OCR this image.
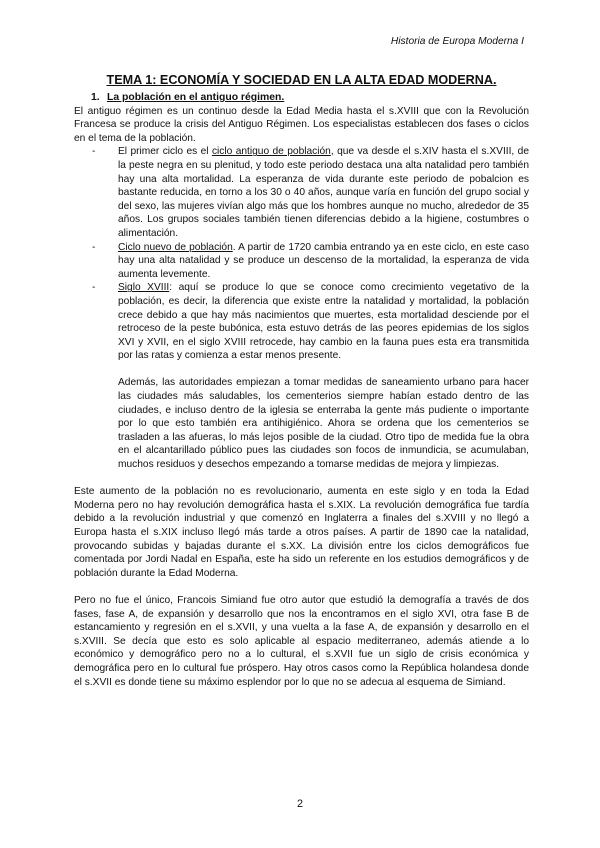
Historia de Europa Moderna I
TEMA 1: ECONOMÍA Y SOCIEDAD EN LA ALTA EDAD MODERNA.
1. La población en el antiguo régimen.

El antiguo régimen es un continuo desde la Edad Media hasta el s.XVIII que con la Revolución Francesa se produce la crisis del Antiguo Régimen. Los especialistas establecen dos fases o ciclos en el tema de la población.

- El primer ciclo es el ciclo antiguo de población, que va desde el s.XIV hasta el s.XVIII, de la peste negra en su plenitud, y todo este periodo destaca una alta natalidad pero también hay una alta mortalidad. La esperanza de vida durante este periodo de pobalcion es bastante reducida, en torno a los 30 o 40 años, aunque varía en función del grupo social y del sexo, las mujeres vivían algo más que los hombres aunque no mucho, alrededor de 35 años. Los grupos sociales también tienen diferencias debido a la higiene, costumbres o alimentación.
- Ciclo nuevo de población. A partir de 1720 cambia entrando ya en este ciclo, en este caso hay una alta natalidad y se produce un descenso de la mortalidad, la esperanza de vida aumenta levemente.
- Siglo XVIII: aquí se produce lo que se conoce como crecimiento vegetativo de la población, es decir, la diferencia que existe entre la natalidad y mortalidad, la población crece debido a que hay más nacimientos que muertes, esta mortalidad desciende por el retroceso de la peste bubónica, esta estuvo detrás de las peores epidemias de los siglos XVI y XVII, en el siglo XVIII retrocede, hay cambio en la fauna pues esta era transmitida por las ratas y comienza a estar menos presente.

Además, las autoridades empiezan a tomar medidas de saneamiento urbano para hacer las ciudades más saludables, los cementerios siempre habían estado dentro de las ciudades, e incluso dentro de la iglesia se enterraba la gente más pudiente o importante por lo que esto también era antihigiénico. Ahora se ordena que los cementerios se trasladen a las afueras, lo más lejos posible de la ciudad. Otro tipo de medida fue la obra en el alcantarillado público pues las ciudades son focos de inmundicia, se acumulaban, muchos residuos y desechos empezando a tomarse medidas de mejora y limpiezas.

Este aumento de la población no es revolucionario, aumenta en este siglo y en toda la Edad Moderna pero no hay revolución demográfica hasta el s.XIX. La revolución demográfica fue tardía debido a la revolución industrial y que comenzó en Inglaterra a finales del s.XVIII y no llegó a Europa hasta el s.XIX incluso llegó más tarde a otros países. A partir de 1890 cae la natalidad, provocando subidas y bajadas durante el s.XX. La división entre los ciclos demográficos fue comentada por Jordi Nadal en España, este ha sido un referente en los estudios demográficos y de población durante la Edad Moderna.

Pero no fue el único, Francois Simiand fue otro autor que estudió la demografía a través de dos fases, fase A, de expansión y desarrollo que nos la encontramos en el siglo XVI, otra fase B de estancamiento y regresión en el s.XVII, y una vuelta a la fase A, de expansión y desarrollo en el s.XVIII. Se decía que esto es solo aplicable al espacio mediterraneo, además atiende a lo económico y demográfico pero no a lo cultural, el s.XVII fue un siglo de crisis económica y demográfica pero en lo cultural fue próspero. Hay otros casos como la República holandesa donde el s.XVII es donde tiene su máximo esplendor por lo que no se adecua al esquema de Simiand.

2
